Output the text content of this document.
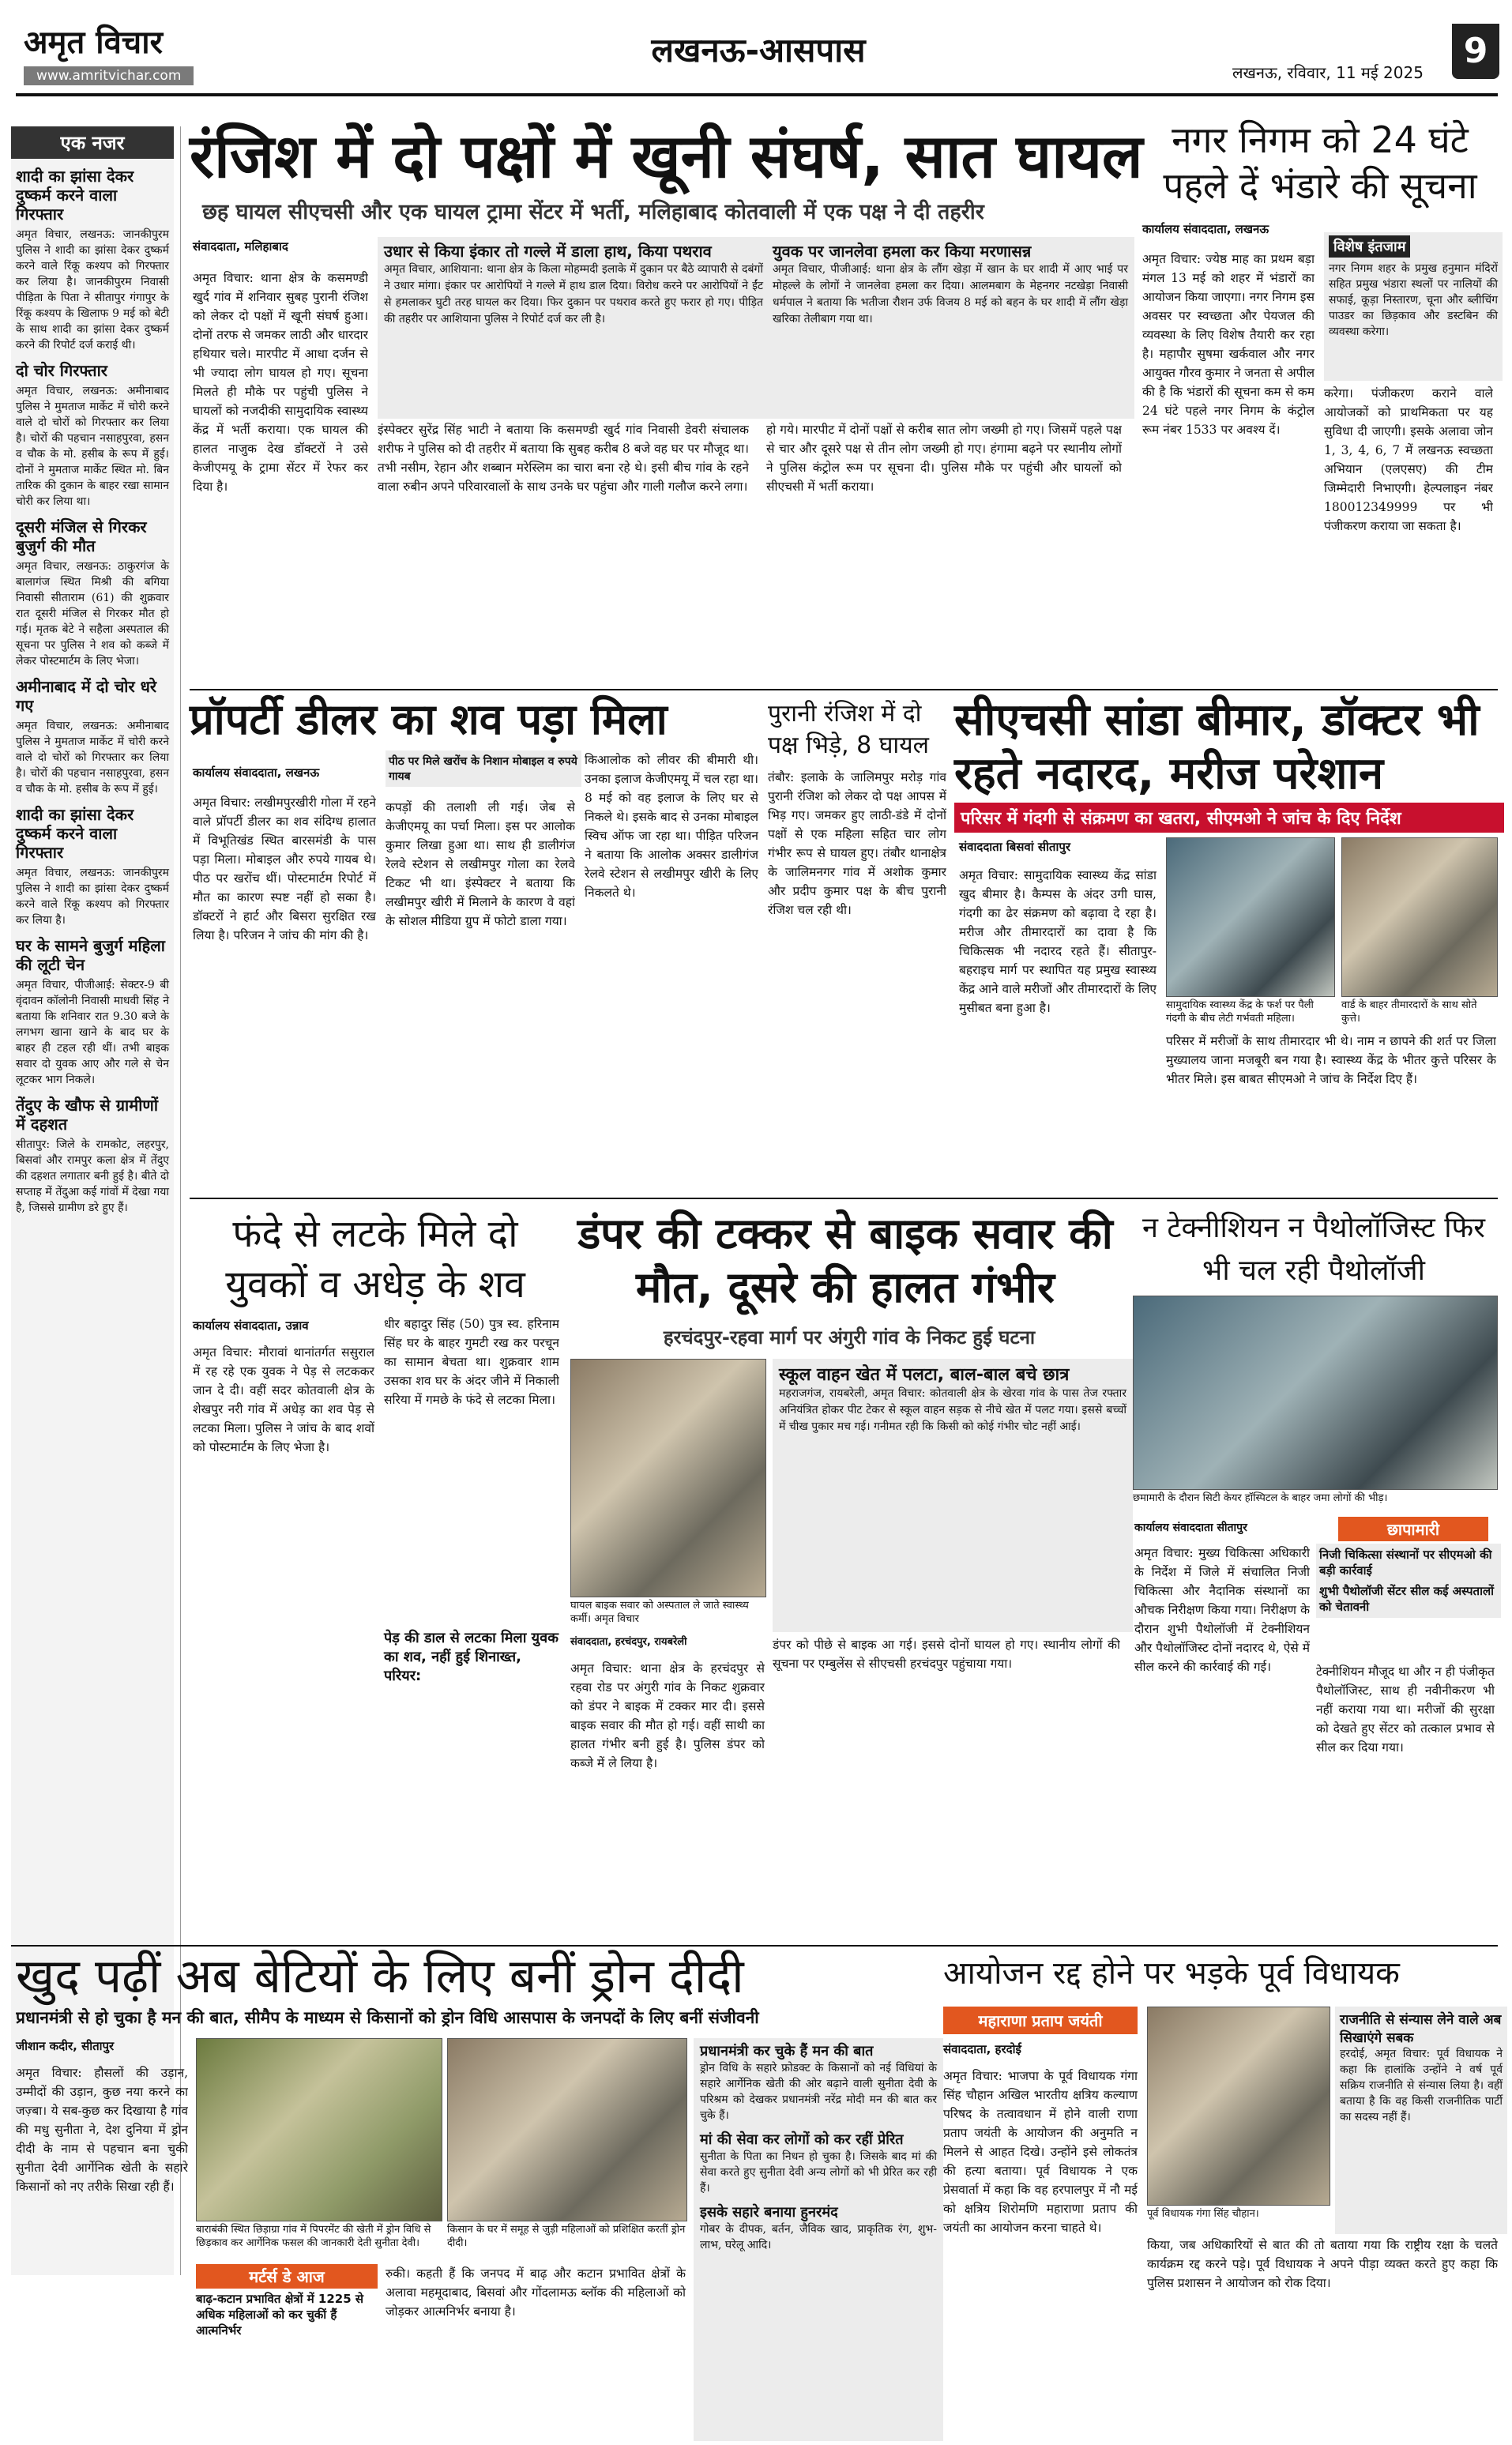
अमृत विचार
www.amritvichar.com
लखनऊ-आसपास
लखनऊ, रविवार, 11 मई 2025
9
एक नजर
शादी का झांसा देकर दुष्कर्म करने वाला गिरफ्तार

अमृत विचार, लखनऊ: जानकीपुरम पुलिस ने शादी का झांसा देकर दुष्कर्म करने वाले रिंकू कश्यप को गिरफ्तार कर लिया है। जानकीपुरम निवासी पीड़िता के पिता ने सीतापुर गंगापुर के रिंकू कश्यप के खिलाफ 9 मई को बेटी के साथ शादी का झांसा देकर दुष्कर्म करने की रिपोर्ट दर्ज कराई थी।

दो चोर गिरफ्तार

अमृत विचार, लखनऊ: अमीनाबाद पुलिस ने मुमताज मार्केट में चोरी करने वाले दो चोरों को गिरफ्तार कर लिया है। चोरों की पहचान नसाहपुरवा, हसन व चौक के मो. हसीब के रूप में हुई। दोनों ने मुमताज मार्केट स्थित मो. बिन तारिक की दुकान के बाहर रखा सामान चोरी कर लिया था।

दूसरी मंजिल से गिरकर बुजुर्ग की मौत

अमृत विचार, लखनऊ: ठाकुरगंज के बालागंज स्थित मिश्री की बगिया निवासी सीताराम (61) की शुक्रवार रात दूसरी मंजिल से गिरकर मौत हो गई। मृतक बेटे ने सहैला अस्पताल की सूचना पर पुलिस ने शव को कब्जे में लेकर पोस्टमार्टम के लिए भेजा।

अमीनाबाद में दो चोर धरे गए

अमृत विचार, लखनऊ: अमीनाबाद पुलिस ने मुमताज मार्केट में चोरी करने वाले दो चोरों को गिरफ्तार कर लिया है। चोरों की पहचान नसाहपुरवा, हसन व चौक के मो. हसीब के रूप में हुई।

शादी का झांसा देकर दुष्कर्म करने वाला गिरफ्तार

अमृत विचार, लखनऊ: जानकीपुरम पुलिस ने शादी का झांसा देकर दुष्कर्म करने वाले रिंकू कश्यप को गिरफ्तार कर लिया है।

घर के सामने बुजुर्ग महिला की लूटी चेन

अमृत विचार, पीजीआई: सेक्टर-9 बी वृंदावन कॉलोनी निवासी माधवी सिंह ने बताया कि शनिवार रात 9.30 बजे के लगभग खाना खाने के बाद घर के बाहर ही टहल रही थीं। तभी बाइक सवार दो युवक आए और गले से चेन लूटकर भाग निकले।

तेंदुए के खौफ से ग्रामीणों में दहशत

सीतापुर: जिले के रामकोट, लहरपुर, बिसवां और रामपुर कला क्षेत्र में तेंदुए की दहशत लगातार बनी हुई है। बीते दो सप्ताह में तेंदुआ कई गांवों में देखा गया है, जिससे ग्रामीण डरे हुए हैं।

रंजिश में दो पक्षों में खूनी संघर्ष, सात घायल
छह घायल सीएचसी और एक घायल ट्रामा सेंटर में भर्ती, मलिहाबाद कोतवाली में एक पक्ष ने दी तहरीर
संवाददाता, मलिहाबाद

अमृत विचार: थाना क्षेत्र के कसमण्डी खुर्द गांव में शनिवार सुबह पुरानी रंजिश को लेकर दो पक्षों में खूनी संघर्ष हुआ। दोनों तरफ से जमकर लाठी और धारदार हथियार चले। मारपीट में आधा दर्जन से भी ज्यादा लोग घायल हो गए। सूचना मिलते ही मौके पर पहुंची पुलिस ने घायलों को नजदीकी सामुदायिक स्वास्थ्य केंद्र में भर्ती कराया। एक घायल की हालत नाजुक देख डॉक्टरों ने उसे केजीएमयू के ट्रामा सेंटर में रेफर कर दिया है।

उधार से किया इंकार तो गल्ले में डाला हाथ, किया पथराव
अमृत विचार, आशियाना: थाना क्षेत्र के किला मोहम्मदी इलाके में दुकान पर बैठे व्यापारी से दबंगों ने उधार मांगा। इंकार पर आरोपियों ने गल्ले में हाथ डाल दिया। विरोध करने पर आरोपियों ने ईंट से हमलाकर घुटी तरह घायल कर दिया। फिर दुकान पर पथराव करते हुए फरार हो गए। पीड़ित की तहरीर पर आशियाना पुलिस ने रिपोर्ट दर्ज कर ली है।
युवक पर जानलेवा हमला कर किया मरणासन्न
अमृत विचार, पीजीआई: थाना क्षेत्र के लौंग खेड़ा में खान के घर शादी में आए भाई पर मोहल्ले के लोगों ने जानलेवा हमला कर दिया। आलमबाग के मेहनगर नटखेड़ा निवासी धर्मपाल ने बताया कि भतीजा रौशन उर्फ विजय 8 मई को बहन के घर शादी में लौंग खेड़ा खरिका तेलीबाग गया था।
इंस्पेक्टर सुरेंद्र सिंह भाटी ने बताया कि कसमण्डी खुर्द गांव निवासी डेवरी संचालक शरीफ ने पुलिस को दी तहरीर में बताया कि सुबह करीब 8 बजे वह घर पर मौजूद था। तभी नसीम, रेहान और शब्बान मरेस्लिम का चारा बना रहे थे। इसी बीच गांव के रहने वाला रुबीन अपने परिवारवालों के साथ उनके घर पहुंचा और गाली गलौज करने लगा।
हो गये। मारपीट में दोनों पक्षों से करीब सात लोग जख्मी हो गए। जिसमें पहले पक्ष से चार और दूसरे पक्ष से तीन लोग जख्मी हो गए। हंगामा बढ़ने पर स्थानीय लोगों ने पुलिस कंट्रोल रूम पर सूचना दी। पुलिस मौके पर पहुंची और घायलों को सीएचसी में भर्ती कराया।
नगर निगम को 24 घंटे पहले दें भंडारे की सूचना
कार्यालय संवाददाता, लखनऊ
अमृत विचार: ज्येष्ठ माह का प्रथम बड़ा मंगल 13 मई को शहर में भंडारों का आयोजन किया जाएगा। नगर निगम इस अवसर पर स्वच्छता और पेयजल की व्यवस्था के लिए विशेष तैयारी कर रहा है। महापौर सुषमा खर्कवाल और नगर आयुक्त गौरव कुमार ने जनता से अपील की है कि भंडारों की सूचना कम से कम 24 घंटे पहले नगर निगम के कंट्रोल रूम नंबर 1533 पर अवश्य दें।
विशेष इंतजाम
नगर निगम शहर के प्रमुख हनुमान मंदिरों सहित प्रमुख भंडारा स्थलों पर नालियों की सफाई, कूड़ा निस्तारण, चूना और ब्लीचिंग पाउडर का छिड़काव और डस्टबिन की व्यवस्था करेगा।
करेगा। पंजीकरण कराने वाले आयोजकों को प्राथमिकता पर यह सुविधा दी जाएगी। इसके अलावा जोन 1, 3, 4, 6, 7 में लखनऊ स्वच्छता अभियान (एलएसए) की टीम जिम्मेदारी निभाएगी। हेल्पलाइन नंबर 180012349999 पर भी पंजीकरण कराया जा सकता है।
प्रॉपर्टी डीलर का शव पड़ा मिला
कार्यालय संवाददाता, लखनऊ
अमृत विचार: लखीमपुरखीरी गोला में रहने वाले प्रॉपर्टी डीलर का शव संदिग्ध हालात में विभूतिखंड स्थित बारसमंडी के पास पड़ा मिला। मोबाइल और रुपये गायब थे। पीठ पर खरोंच थीं। पोस्टमार्टम रिपोर्ट में मौत का कारण स्पष्ट नहीं हो सका है। डॉक्टरों ने हार्ट और बिसरा सुरक्षित रख लिया है। परिजन ने जांच की मांग की है।
पीठ पर मिले खरोंच के निशान मोबाइल व रुपये गायब
कपड़ों की तलाशी ली गई। जेब से केजीएमयू का पर्चा मिला। इस पर आलोक कुमार लिखा हुआ था। साथ ही डालीगंज रेलवे स्टेशन से लखीमपुर गोला का रेलवे टिकट भी था। इंस्पेक्टर ने बताया कि लखीमपुर खीरी में मिलाने के कारण वे वहां के सोशल मीडिया ग्रुप में फोटो डाला गया।
किआलोक को लीवर की बीमारी थी। उनका इलाज केजीएमयू में चल रहा था। 8 मई को वह इलाज के लिए घर से निकले थे। इसके बाद से उनका मोबाइल स्विच ऑफ जा रहा था। पीड़ित परिजन ने बताया कि आलोक अक्सर डालीगंज रेलवे स्टेशन से लखीमपुर खीरी के लिए निकलते थे।
पुरानी रंजिश में दो पक्ष भिड़े, 8 घायल
तंबौर: इलाके के जालिमपुर मरोड़ गांव पुरानी रंजिश को लेकर दो पक्ष आपस में भिड़ गए। जमकर हुए लाठी-डंडे में दोनों पक्षों से एक महिला सहित चार लोग गंभीर रूप से घायल हुए। तंबौर थानाक्षेत्र के जालिमनगर गांव में अशोक कुमार और प्रदीप कुमार पक्ष के बीच पुरानी रंजिश चल रही थी।
सीएचसी सांडा बीमार, डॉक्टर भी रहते नदारद, मरीज परेशान
परिसर में गंदगी से संक्रमण का खतरा, सीएमओ ने जांच के दिए निर्देश
संवाददाता बिसवां सीतापुर
अमृत विचार: सामुदायिक स्वास्थ्य केंद्र सांडा खुद बीमार है। कैम्पस के अंदर उगी घास, गंदगी का ढेर संक्रमण को बढ़ावा दे रहा है। मरीज और तीमारदारों का दावा है कि चिकित्सक भी नदारद रहते हैं। सीतापुर-बहराइच मार्ग पर स्थापित यह प्रमुख स्वास्थ्य केंद्र आने वाले मरीजों और तीमारदारों के लिए मुसीबत बना हुआ है।	सामुदायिक स्वास्थ्य केंद्र के फर्श पर पैली गंदगी के बीच लेटी गर्भवती महिला।
वार्ड के बाहर तीमारदारों के साथ सोते कुत्ते।
परिसर में मरीजों के साथ तीमारदार भी थे। नाम न छापने की शर्त पर जिला मुख्यालय जाना मजबूरी बन गया है। स्वास्थ्य केंद्र के भीतर कुत्ते परिसर के भीतर मिले। इस बाबत सीएमओ ने जांच के निर्देश दिए हैं।
फंदे से लटके मिले दो युवकों व अधेड़ के शव
कार्यालय संवाददाता, उन्नाव
अमृत विचार: मौरावां थानांतर्गत ससुराल में रह रहे एक युवक ने पेड़ से लटककर जान दे दी। वहीं सदर कोतवाली क्षेत्र के शेखपुर नरी गांव में अधेड़ का शव पेड़ से लटका मिला। पुलिस ने जांच के बाद शवों को पोस्टमार्टम के लिए भेजा है।
धीर बहादुर सिंह (50) पुत्र स्व. हरिनाम सिंह घर के बाहर गुमटी रख कर परचून का सामान बेचता था। शुक्रवार शाम उसका शव घर के अंदर जीने में निकाली सरिया में गमछे के फंदे से लटका मिला।
पेड़ की डाल से लटका मिला युवक का शव, नहीं हुई शिनाख्त, परियर:
डंपर की टक्कर से बाइक सवार की मौत, दूसरे की हालत गंभीर
हरचंदपुर-रहवा मार्ग पर अंगुरी गांव के निकट हुई घटना
घायल बाइक सवार को अस्पताल ले जाते स्वास्थ्य कर्मी। अमृत विचार
संवाददाता, हरचंदपुर, रायबरेली
अमृत विचार: थाना क्षेत्र के हरचंदपुर से रहवा रोड पर अंगुरी गांव के निकट शुक्रवार को डंपर ने बाइक में टक्कर मार दी। इससे बाइक सवार की मौत हो गई। वहीं साथी का हालत गंभीर बनी हुई है। पुलिस डंपर को कब्जे में ले लिया है।
स्कूल वाहन खेत में पलटा, बाल-बाल बचे छात्र
महराजगंज, रायबरेली, अमृत विचार: कोतवाली क्षेत्र के खेरवा गांव के पास तेज रफ्तार अनियंत्रित होकर पीट टेकर से स्कूल वाहन सड़क से नीचे खेत में पलट गया। इससे बच्चों में चीख पुकार मच गई। गनीमत रही कि किसी को कोई गंभीर चोट नहीं आई।
डंपर को पीछे से बाइक आ गई। इससे दोनों घायल हो गए। स्थानीय लोगों की सूचना पर एम्बुलेंस से सीएचसी हरचंदपुर पहुंचाया गया।
न टेक्नीशियन न पैथोलॉजिस्ट फिर भी चल रही पैथोलॉजी
छमामारी के दौरान सिटी केयर हॉस्पिटल के बाहर जमा लोगों की भीड़।
छापामारी
कार्यालय संवाददाता सीतापुर
निजी चिकित्सा संस्थानों पर सीएमओ की बड़ी कार्रवाई
शुभी पैथोलॉजी सेंटर सील कई अस्पतालों को चेतावनी
अमृत विचार: मुख्य चिकित्सा अधिकारी के निर्देश में जिले में संचालित निजी चिकित्सा और नैदानिक संस्थानों का औचक निरीक्षण किया गया। निरीक्षण के दौरान शुभी पैथोलॉजी में टेक्नीशियन और पैथोलॉजिस्ट दोनों नदारद थे, ऐसे में सील करने की कार्रवाई की गई।	टेक्नीशियन मौजूद था और न ही पंजीकृत पैथोलॉजिस्ट, साथ ही नवीनीकरण भी नहीं कराया गया था। मरीजों की सुरक्षा को देखते हुए सेंटर को तत्काल प्रभाव से सील कर दिया गया।
खुद पढ़ीं अब बेटियों के लिए बनीं ड्रोन दीदी
प्रधानमंत्री से हो चुका है मन की बात, सीमैप के माध्यम से किसानों को ड्रोन विधि आसपास के जनपदों के लिए बनीं संजीवनी
जीशान कदीर, सीतापुर
अमृत विचार: हौसलों की उड़ान, उम्मीदों की उड़ान, कुछ नया करने का जज़्बा। ये सब-कुछ कर दिखाया है गांव की मधु सुनीता ने, देश दुनिया में ड्रोन दीदी के नाम से पहचान बना चुकी सुनीता देवी आर्गेनिक खेती के सहारे किसानों को नए तरीके सिखा रही हैं।
बाराबंकी स्थित छिड़ाग्रा गांव में पिपरमेंट की खेती में ड्रोन विधि से छिड़काव कर आर्गेनिक फसल की जानकारी देती सुनीता देवी।
किसान के घर में समूह से जुड़ी महिलाओं को प्रशिक्षित करतीं ड्रोन दीदी।
मर्टर्स डे आज
बाढ़-कटान प्रभावित क्षेत्रों में 1225 से अधिक महिलाओं को कर चुकीं हैं आत्मनिर्भर
रुकी। कहती हैं कि जनपद में बाढ़ और कटान प्रभावित क्षेत्रों के अलावा महमूदाबाद, बिसवां और गोंदलामऊ ब्लॉक की महिलाओं को जोड़कर आत्मनिर्भर बनाया है।
प्रधानमंत्री कर चुके हैं मन की बात
ड्रोन विधि के सहारे फ्रोडक्ट के किसानों को नई विधियां के सहारे आर्गेनिक खेती की ओर बढ़ाने वाली सुनीता देवी के परिश्रम को देखकर प्रधानमंत्री नरेंद्र मोदी मन की बात कर चुके हैं।
मां की सेवा कर लोगों को कर रहीं प्रेरित
सुनीता के पिता का निधन हो चुका है। जिसके बाद मां की सेवा करते हुए सुनीता देवी अन्य लोगों को भी प्रेरित कर रही हैं।
इसके सहारे बनाया हुनरमंद
गोबर के दीपक, बर्तन, जैविक खाद, प्राकृतिक रंग, शुभ-लाभ, घरेलू आदि।
आयोजन रद्द होने पर भड़के पूर्व विधायक
महाराणा प्रताप जयंती
संवाददाता, हरदोई
अमृत विचार: भाजपा के पूर्व विधायक गंगा सिंह चौहान अखिल भारतीय क्षत्रिय कल्याण परिषद के तत्वावधान में होने वाली राणा प्रताप जयंती के आयोजन की अनुमति न मिलने से आहत दिखे। उन्होंने इसे लोकतंत्र की हत्या बताया। पूर्व विधायक ने एक प्रेसवार्ता में कहा कि वह हरपालपुर में नौ मई को क्षत्रिय शिरोमणि महाराणा प्रताप की जयंती का आयोजन करना चाहते थे।
पूर्व विधायक गंगा सिंह चौहान।
राजनीति से संन्यास लेने वाले अब सिखाएंगे सबक
हरदोई, अमृत विचार: पूर्व विधायक ने कहा कि हालांकि उन्होंने ने वर्ष पूर्व सक्रिय राजनीति से संन्यास लिया है। वहीं बताया है कि वह किसी राजनीतिक पार्टी का सदस्य नहीं हैं।
किया, जब अधिकारियों से बात की तो बताया गया कि राष्ट्रीय रक्षा के चलते कार्यक्रम रद्द करने पड़े। पूर्व विधायक ने अपने पीड़ा व्यक्त करते हुए कहा कि पुलिस प्रशासन ने आयोजन को रोक दिया।
